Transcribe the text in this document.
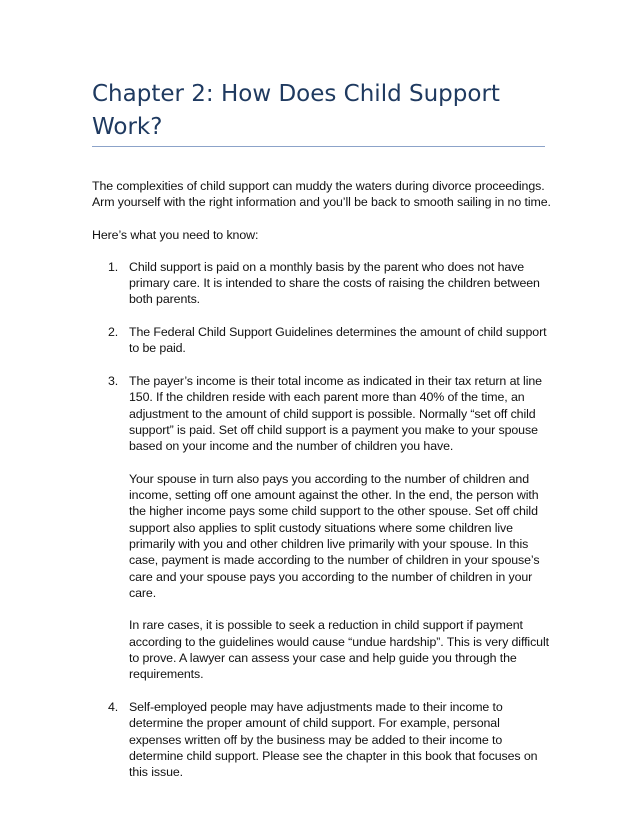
Chapter 2: How Does Child Support Work?

The complexities of child support can muddy the waters during divorce proceedings. Arm yourself with the right information and you’ll be back to smooth sailing in no time.

Here’s what you need to know:

1. Child support is paid on a monthly basis by the parent who does not have primary care. It is intended to share the costs of raising the children between both parents.

2. The Federal Child Support Guidelines determines the amount of child support to be paid.

3. The payer’s income is their total income as indicated in their tax return at line 150. If the children reside with each parent more than 40% of the time, an adjustment to the amount of child support is possible. Normally “set off child support” is paid. Set off child support is a payment you make to your spouse based on your income and the number of children you have.

Your spouse in turn also pays you according to the number of children and income, setting off one amount against the other. In the end, the person with the higher income pays some child support to the other spouse. Set off child support also applies to split custody situations where some children live primarily with you and other children live primarily with your spouse. In this case, payment is made according to the number of children in your spouse’s care and your spouse pays you according to the number of children in your care.

In rare cases, it is possible to seek a reduction in child support if payment according to the guidelines would cause “undue hardship”. This is very difficult to prove. A lawyer can assess your case and help guide you through the requirements.

4. Self-employed people may have adjustments made to their income to determine the proper amount of child support. For example, personal expenses written off by the business may be added to their income to determine child support. Please see the chapter in this book that focuses on this issue.
